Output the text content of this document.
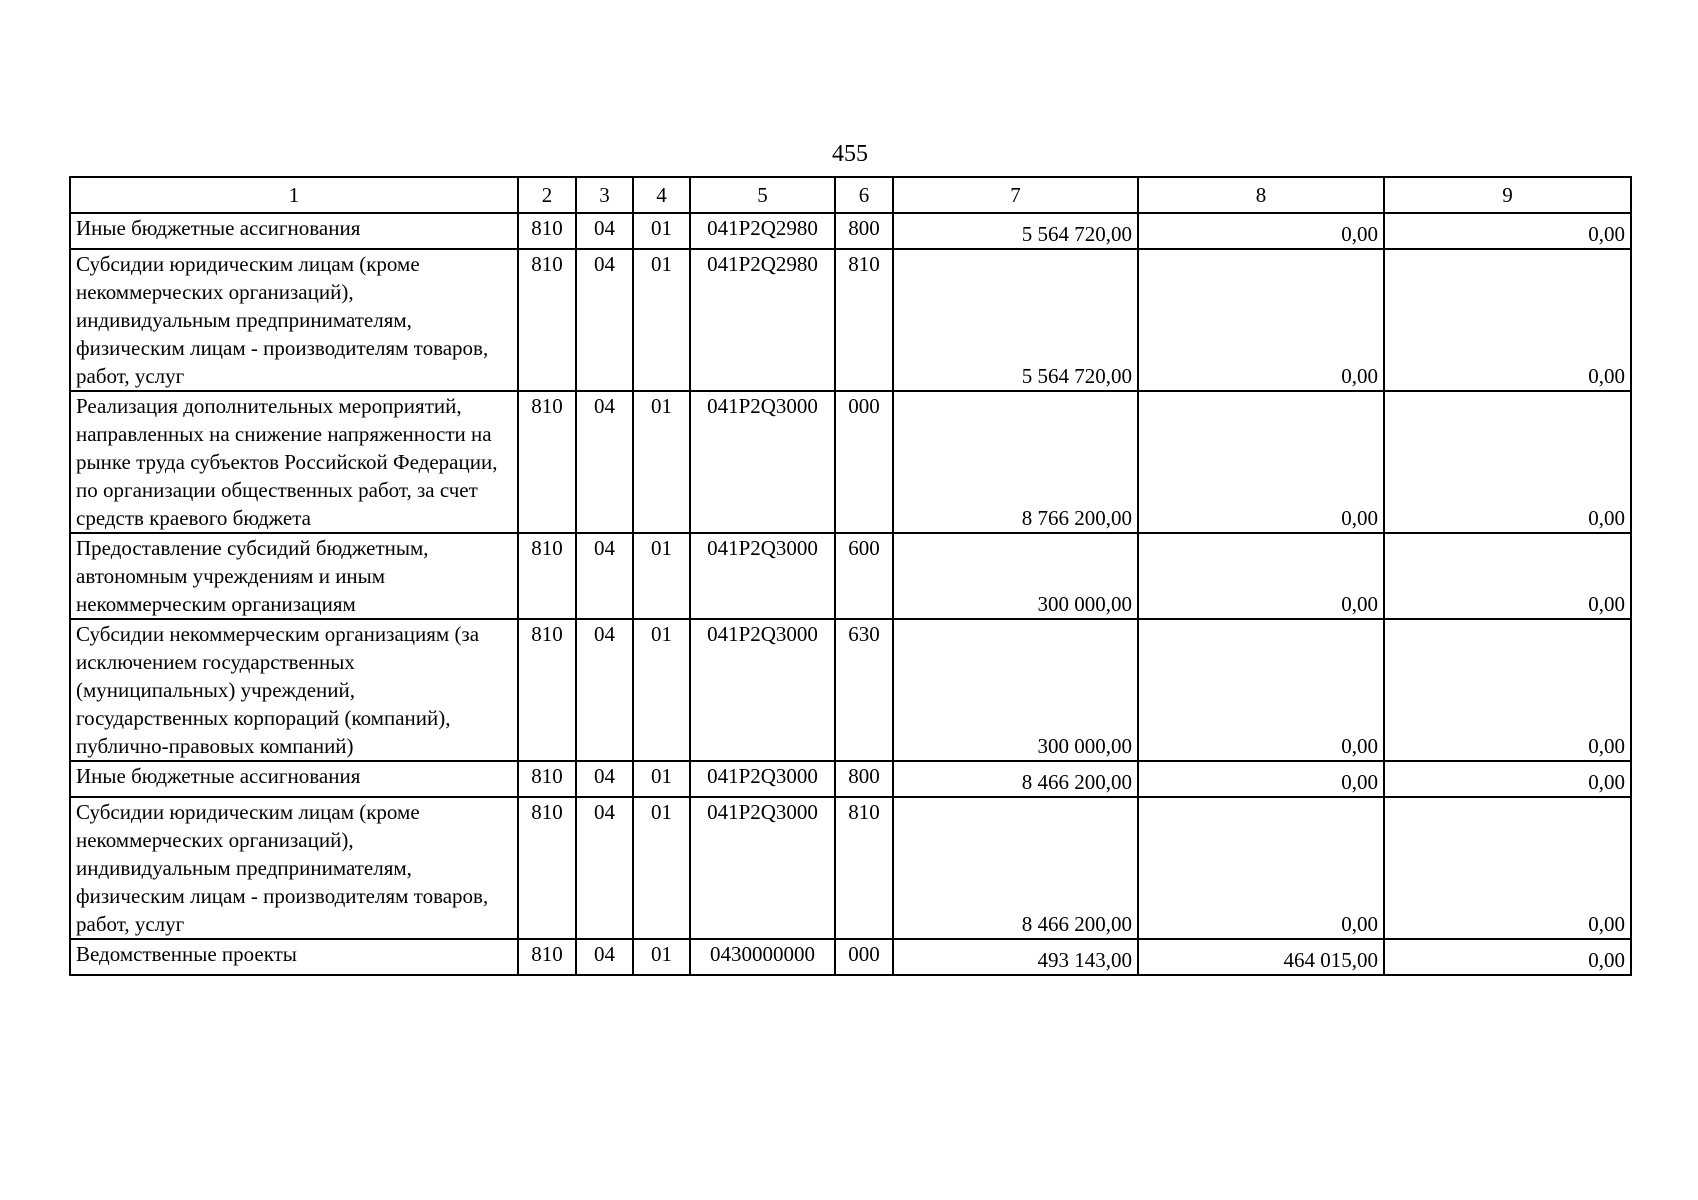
455
1	2	3	4	5	6	7	8	9
Иные бюджетные ассигнования	810	04	01	041P2Q2980	800	5 564 720,00	0,00	0,00
Субсидии юридическим лицам (кроме некоммерческих организаций), индивидуальным предпринимателям, физическим лицам - производителям товаров, работ, услуг	810	04	01	041P2Q2980	810	5 564 720,00	0,00	0,00
Реализация дополнительных мероприятий, направленных на снижение напряженности на рынке труда субъектов Российской Федерации, по организации общественных работ, за счет средств краевого бюджета	810	04	01	041P2Q3000	000	8 766 200,00	0,00	0,00
Предоставление субсидий бюджетным, автономным учреждениям и иным некоммерческим организациям	810	04	01	041P2Q3000	600	300 000,00	0,00	0,00
Субсидии некоммерческим организациям (за исключением государственных (муниципальных) учреждений, государственных корпораций (компаний), публично-правовых компаний)	810	04	01	041P2Q3000	630	300 000,00	0,00	0,00
Иные бюджетные ассигнования	810	04	01	041P2Q3000	800	8 466 200,00	0,00	0,00
Субсидии юридическим лицам (кроме некоммерческих организаций), индивидуальным предпринимателям, физическим лицам - производителям товаров, работ, услуг	810	04	01	041P2Q3000	810	8 466 200,00	0,00	0,00
Ведомственные проекты	810	04	01	0430000000	000	493 143,00	464 015,00	0,00
